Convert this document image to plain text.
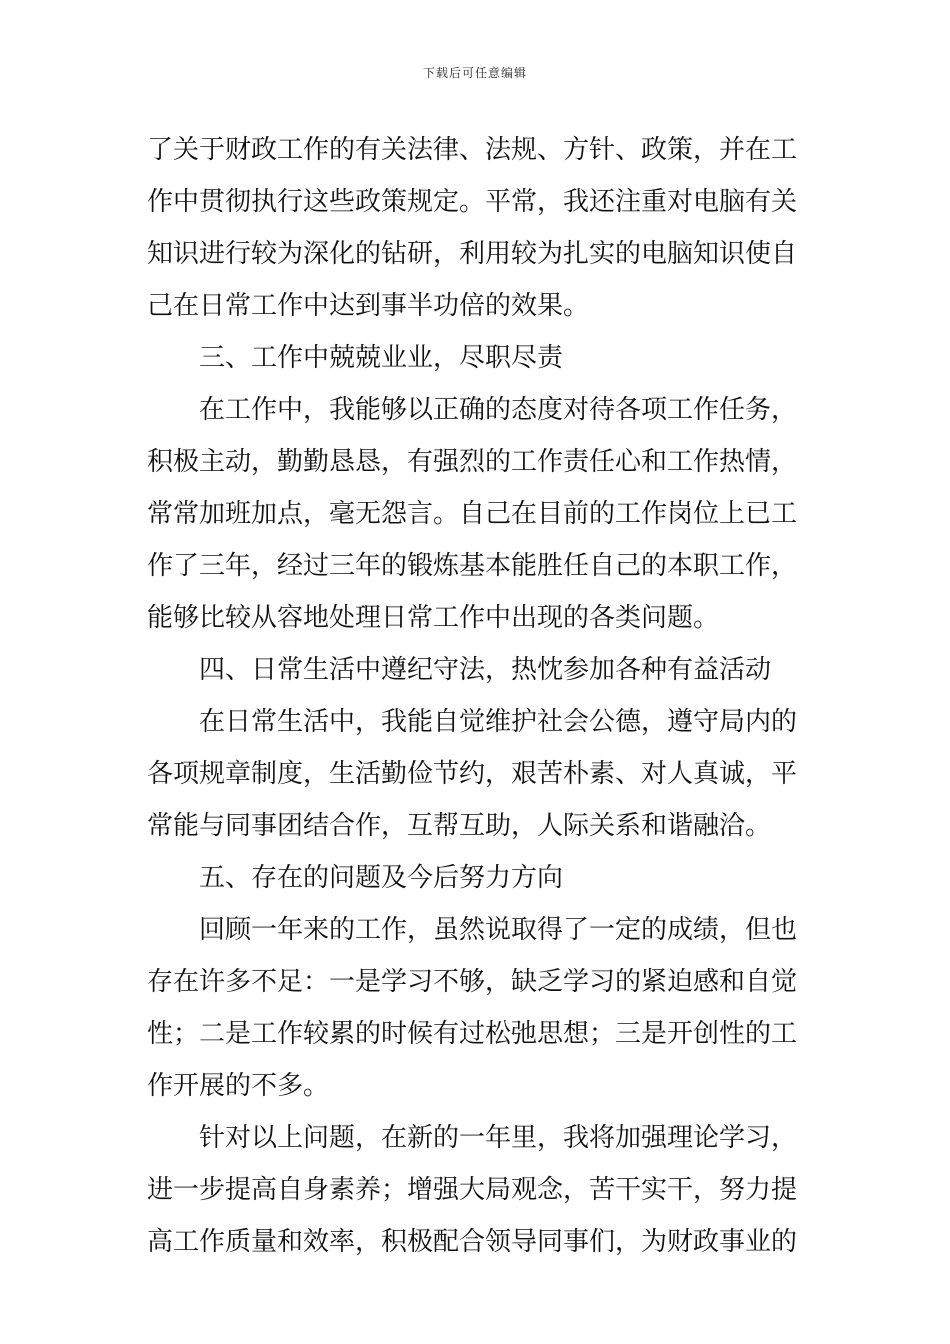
下载后可任意编辑
了关于财政工作的有关法律、法规、方针、政策，并在工
作中贯彻执行这些政策规定。平常，我还注重对电脑有关
知识进行较为深化的钻研，利用较为扎实的电脑知识使自
己在日常工作中达到事半功倍的效果。
三、工作中兢兢业业，尽职尽责
在工作中，我能够以正确的态度对待各项工作任务，
积极主动，勤勤恳恳，有强烈的工作责任心和工作热情，
常常加班加点，毫无怨言。自己在目前的工作岗位上已工
作了三年，经过三年的锻炼基本能胜任自己的本职工作，
能够比较从容地处理日常工作中出现的各类问题。
四、日常生活中遵纪守法，热忱参加各种有益活动
在日常生活中，我能自觉维护社会公德，遵守局内的
各项规章制度，生活勤俭节约，艰苦朴素、对人真诚，平
常能与同事团结合作，互帮互助，人际关系和谐融洽。
五、存在的问题及今后努力方向
回顾一年来的工作，虽然说取得了一定的成绩，但也
存在许多不足：一是学习不够，缺乏学习的紧迫感和自觉
性；二是工作较累的时候有过松弛思想；三是开创性的工
作开展的不多。
针对以上问题，在新的一年里，我将加强理论学习，
进一步提高自身素养；增强大局观念，苦干实干，努力提
高工作质量和效率，积极配合领导同事们，为财政事业的
